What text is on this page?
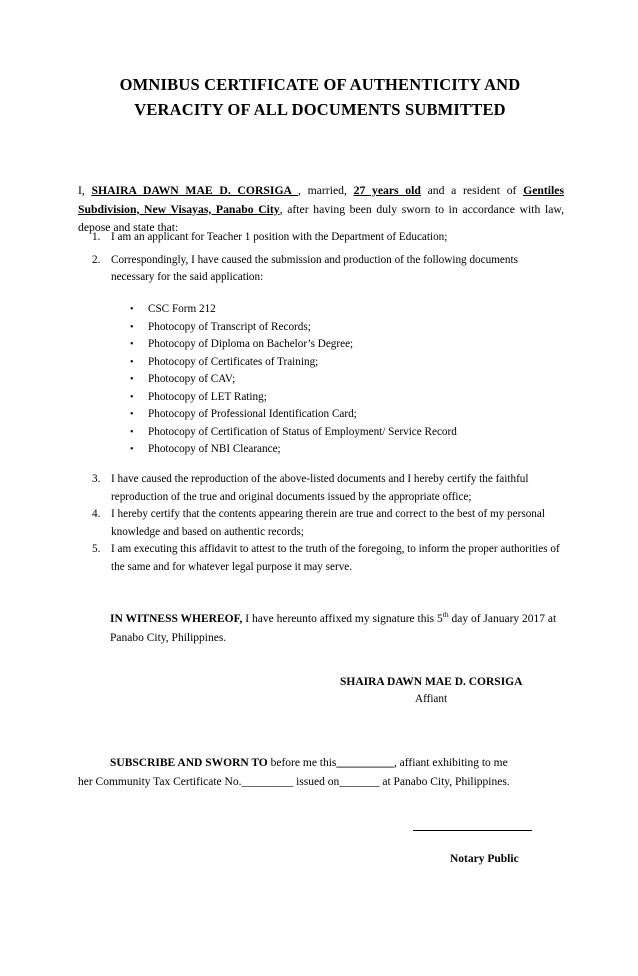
OMNIBUS CERTIFICATE OF AUTHENTICITY AND
VERACITY OF ALL DOCUMENTS SUBMITTED
I, SHAIRA DAWN MAE D. CORSIGA , married, 27 years old and a resident of Gentiles Subdivision, New Visayas, Panabo City, after having been duly sworn to in accordance with law, depose and state that:
1. I am an applicant for Teacher 1 position with the Department of Education;
2. Correspondingly, I have caused the submission and production of the following documents necessary for the said application:
• CSC Form 212
• Photocopy of Transcript of Records;
• Photocopy of Diploma on Bachelor’s Degree;
• Photocopy of Certificates of Training;
• Photocopy of CAV;
• Photocopy of LET Rating;
• Photocopy of Professional Identification Card;
• Photocopy of Certification of Status of Employment/ Service Record
• Photocopy of NBI Clearance;
3. I have caused the reproduction of the above-listed documents and I hereby certify the faithful reproduction of the true and original documents issued by the appropriate office;
4. I hereby certify that the contents appearing therein are true and correct to the best of my personal knowledge and based on authentic records;
5. I am executing this affidavit to attest to the truth of the foregoing, to inform the proper authorities of the same and for whatever legal purpose it may serve.
IN WITNESS WHEREOF, I have hereunto affixed my signature this 5th day of January 2017 at Panabo City, Philippines.
SHAIRA DAWN MAE D. CORSIGA
Affiant
SUBSCRIBE AND SWORN TO before me this__________, affiant exhibiting to me
her Community Tax Certificate No._________ issued on_______ at Panabo City, Philippines.
Notary Public
